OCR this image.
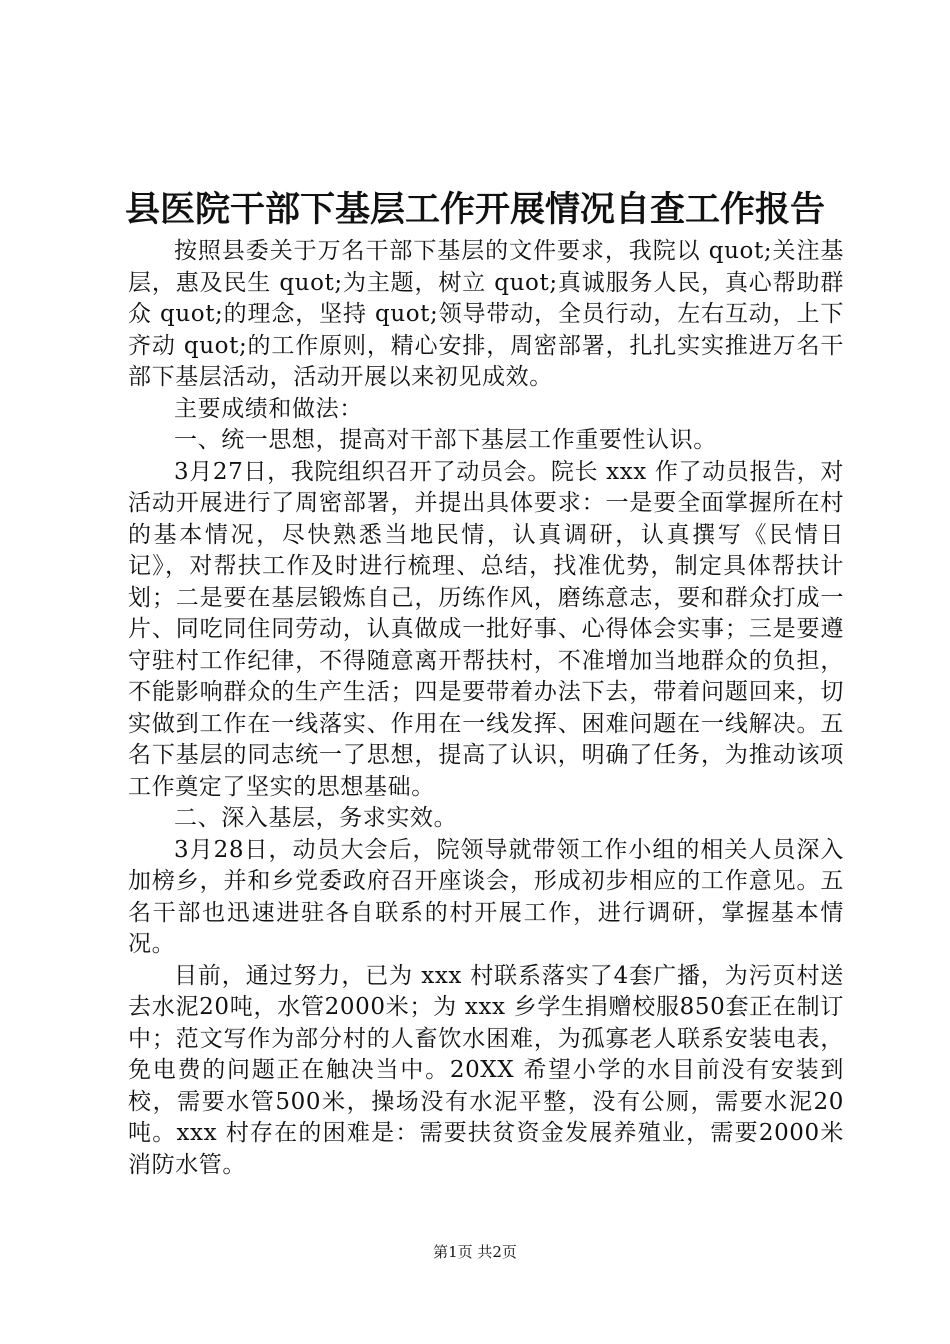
县医院干部下基层工作开展情况自查工作报告

按照县委关于万名干部下基层的文件要求，我院以 quot;关注基层，惠及民生 quot;为主题，树立 quot;真诚服务人民，真心帮助群众 quot;的理念，坚持 quot;领导带动，全员行动，左右互动，上下齐动 quot;的工作原则，精心安排，周密部署，扎扎实实推进万名干部下基层活动，活动开展以来初见成效。

主要成绩和做法：

一、统一思想，提高对干部下基层工作重要性认识。

3月27日，我院组织召开了动员会。院长 xxx 作了动员报告，对活动开展进行了周密部署，并提出具体要求：一是要全面掌握所在村的基本情况，尽快熟悉当地民情，认真调研，认真撰写《民情日记》，对帮扶工作及时进行梳理、总结，找准优势，制定具体帮扶计划；二是要在基层锻炼自己，历练作风，磨练意志，要和群众打成一片、同吃同住同劳动，认真做成一批好事、心得体会实事；三是要遵守驻村工作纪律，不得随意离开帮扶村，不准增加当地群众的负担，不能影响群众的生产生活；四是要带着办法下去，带着问题回来，切实做到工作在一线落实、作用在一线发挥、困难问题在一线解决。五名下基层的同志统一了思想，提高了认识，明确了任务，为推动该项工作奠定了坚实的思想基础。

二、深入基层，务求实效。

3月28日，动员大会后，院领导就带领工作小组的相关人员深入加榜乡，并和乡党委政府召开座谈会，形成初步相应的工作意见。五名干部也迅速进驻各自联系的村开展工作，进行调研，掌握基本情况。

目前，通过努力，已为 xxx 村联系落实了4套广播，为污页村送去水泥20吨，水管2000米；为 xxx 乡学生捐赠校服850套正在制订中；范文写作为部分村的人畜饮水困难，为孤寡老人联系安装电表，免电费的问题正在触决当中。20XX 希望小学的水目前没有安装到校，需要水管500米，操场没有水泥平整，没有公厕，需要水泥20吨。xxx 村存在的困难是：需要扶贫资金发展养殖业，需要2000米消防水管。

第1页 共2页
